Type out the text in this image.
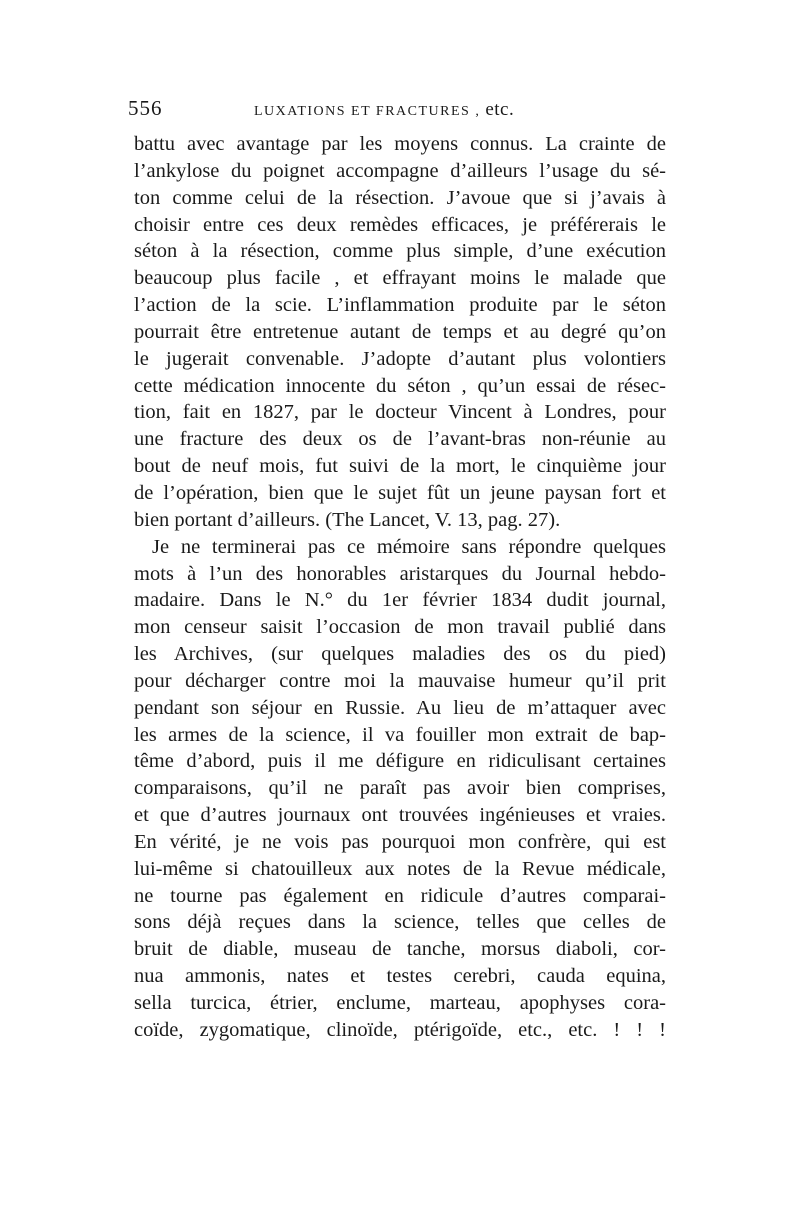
556	LUXATIONS ET FRACTURES , etc.
battu avec avantage par les moyens connus. La crainte de
l’ankylose du poignet accompagne d’ailleurs l’usage du sé-
ton comme celui de la résection. J’avoue que si j’avais à
choisir entre ces deux remèdes efficaces, je préférerais le
séton à la résection, comme plus simple, d’une exécution
beaucoup plus facile , et effrayant moins le malade que
l’action de la scie. L’inflammation produite par le séton
pourrait être entretenue autant de temps et au degré qu’on
le jugerait convenable. J’adopte d’autant plus volontiers
cette médication innocente du séton , qu’un essai de résec-
tion, fait en 1827, par le docteur Vincent à Londres, pour
une fracture des deux os de l’avant-bras non-réunie au
bout de neuf mois, fut suivi de la mort, le cinquième jour
de l’opération, bien que le sujet fût un jeune paysan fort et
bien portant d’ailleurs. (The Lancet, V. 13, pag. 27).
Je ne terminerai pas ce mémoire sans répondre quelques
mots à l’un des honorables aristarques du Journal hebdo-
madaire. Dans le N.° du 1er février 1834 dudit journal,
mon censeur saisit l’occasion de mon travail publié dans
les Archives, (sur quelques maladies des os du pied)
pour décharger contre moi la mauvaise humeur qu’il prit
pendant son séjour en Russie. Au lieu de m’attaquer avec
les armes de la science, il va fouiller mon extrait de bap-
tême d’abord, puis il me défigure en ridiculisant certaines
comparaisons, qu’il ne paraît pas avoir bien comprises,
et que d’autres journaux ont trouvées ingénieuses et vraies.
En vérité, je ne vois pas pourquoi mon confrère, qui est
lui-même si chatouilleux aux notes de la Revue médicale,
ne tourne pas également en ridicule d’autres comparai-
sons déjà reçues dans la science, telles que celles de
bruit de diable, museau de tanche, morsus diaboli, cor-
nua ammonis, nates et testes cerebri, cauda equina,
sella turcica, étrier, enclume, marteau, apophyses cora-
coïde, zygomatique, clinoïde, ptérigoïde, etc., etc. ! ! !
